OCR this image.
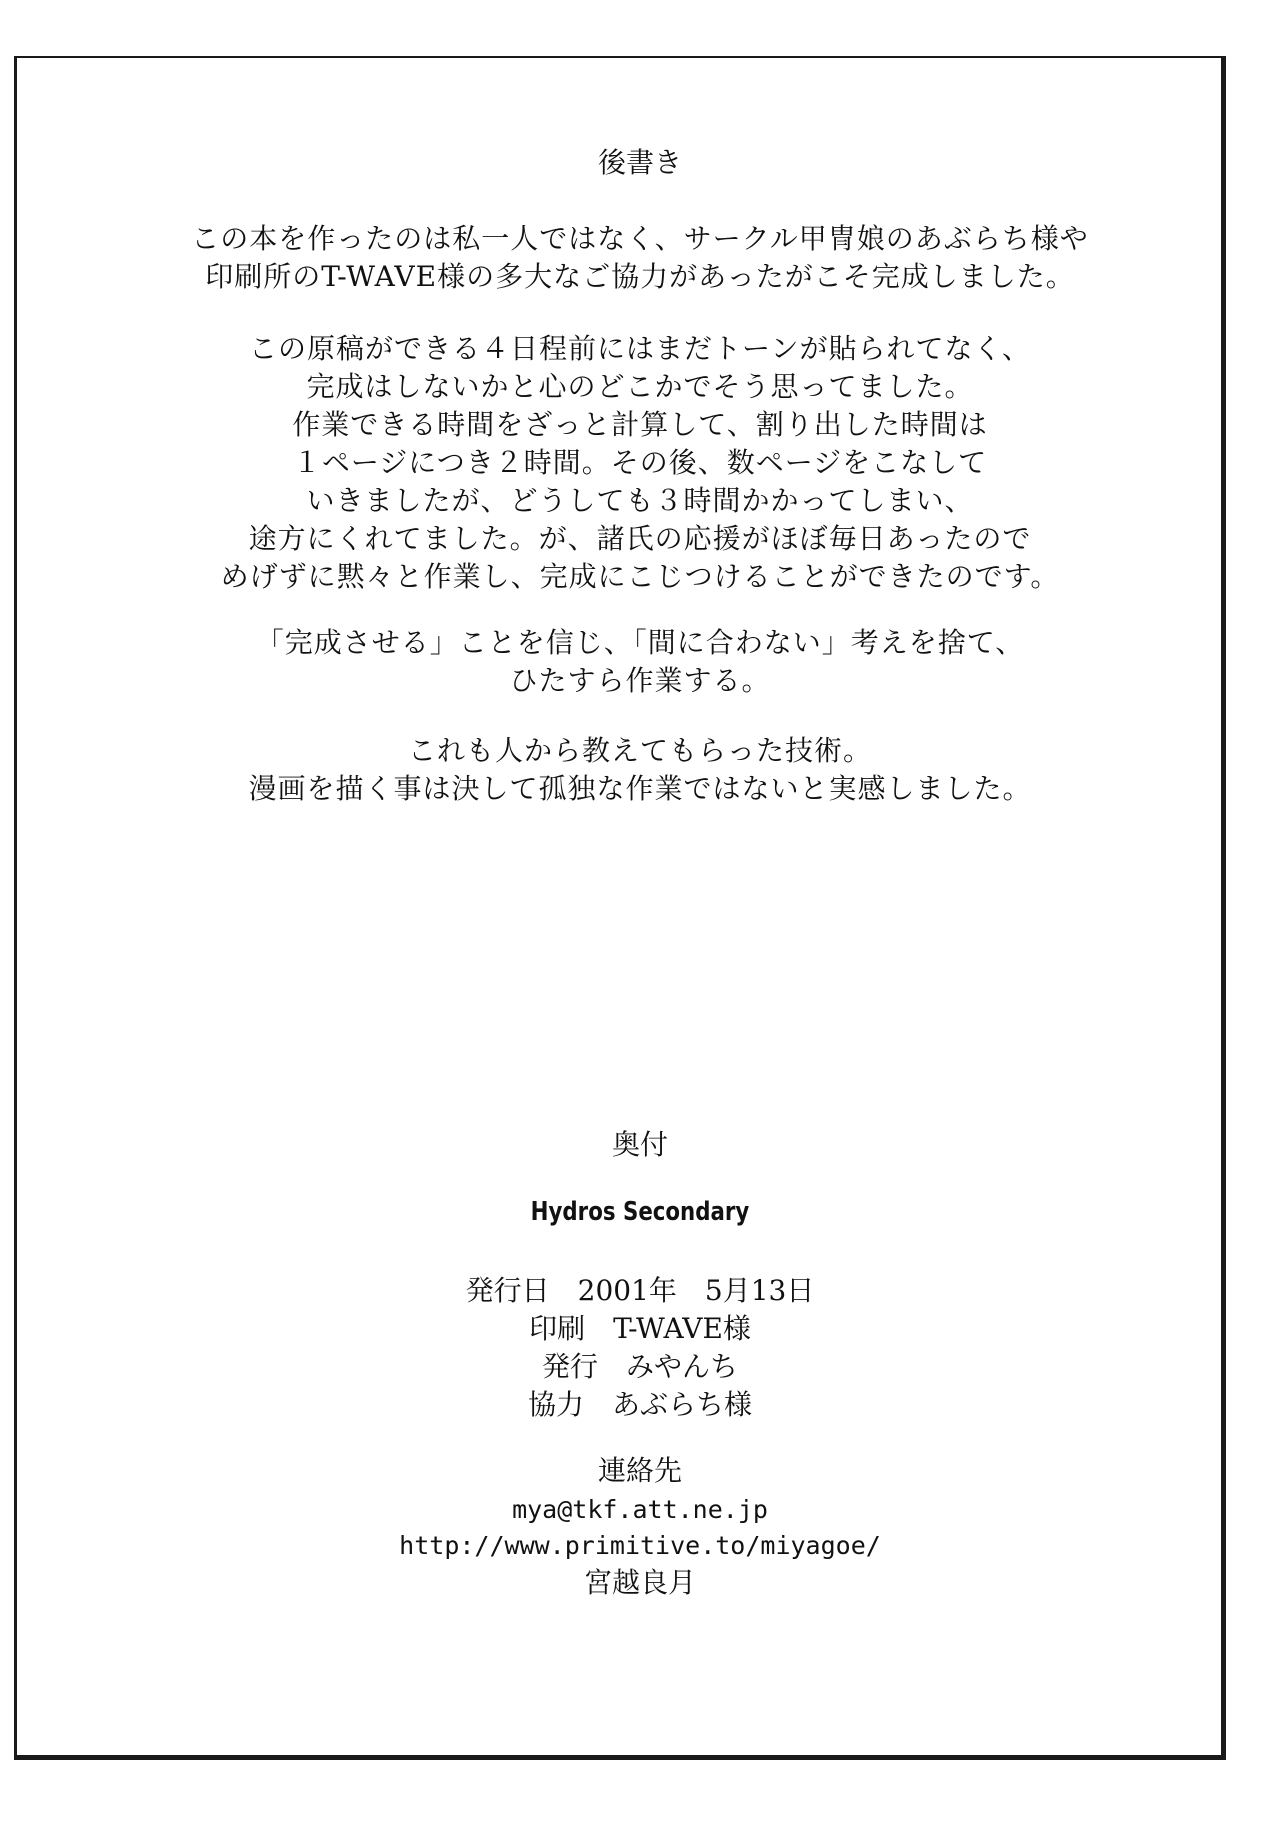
後書き
この本を作ったのは私一人ではなく、サークル甲冑娘のあぶらち様や
印刷所のT-WAVE様の多大なご協力があったがこそ完成しました。
この原稿ができる４日程前にはまだトーンが貼られてなく、
完成はしないかと心のどこかでそう思ってました。
作業できる時間をざっと計算して、割り出した時間は
１ページにつき２時間。その後、数ページをこなして
いきましたが、どうしても３時間かかってしまい、
途方にくれてました。が、諸氏の応援がほぼ毎日あったので
めげずに黙々と作業し、完成にこじつけることができたのです。
「完成させる」ことを信じ、「間に合わない」考えを捨て、
ひたすら作業する。
これも人から教えてもらった技術。
漫画を描く事は決して孤独な作業ではないと実感しました。
奥付
Hydros Secondary
発行日　2001年　5月13日
印刷　T-WAVE様
発行　みやんち
協力　あぶらち様
連絡先
mya@tkf.att.ne.jp
http://www.primitive.to/miyagoe/
宮越良月
